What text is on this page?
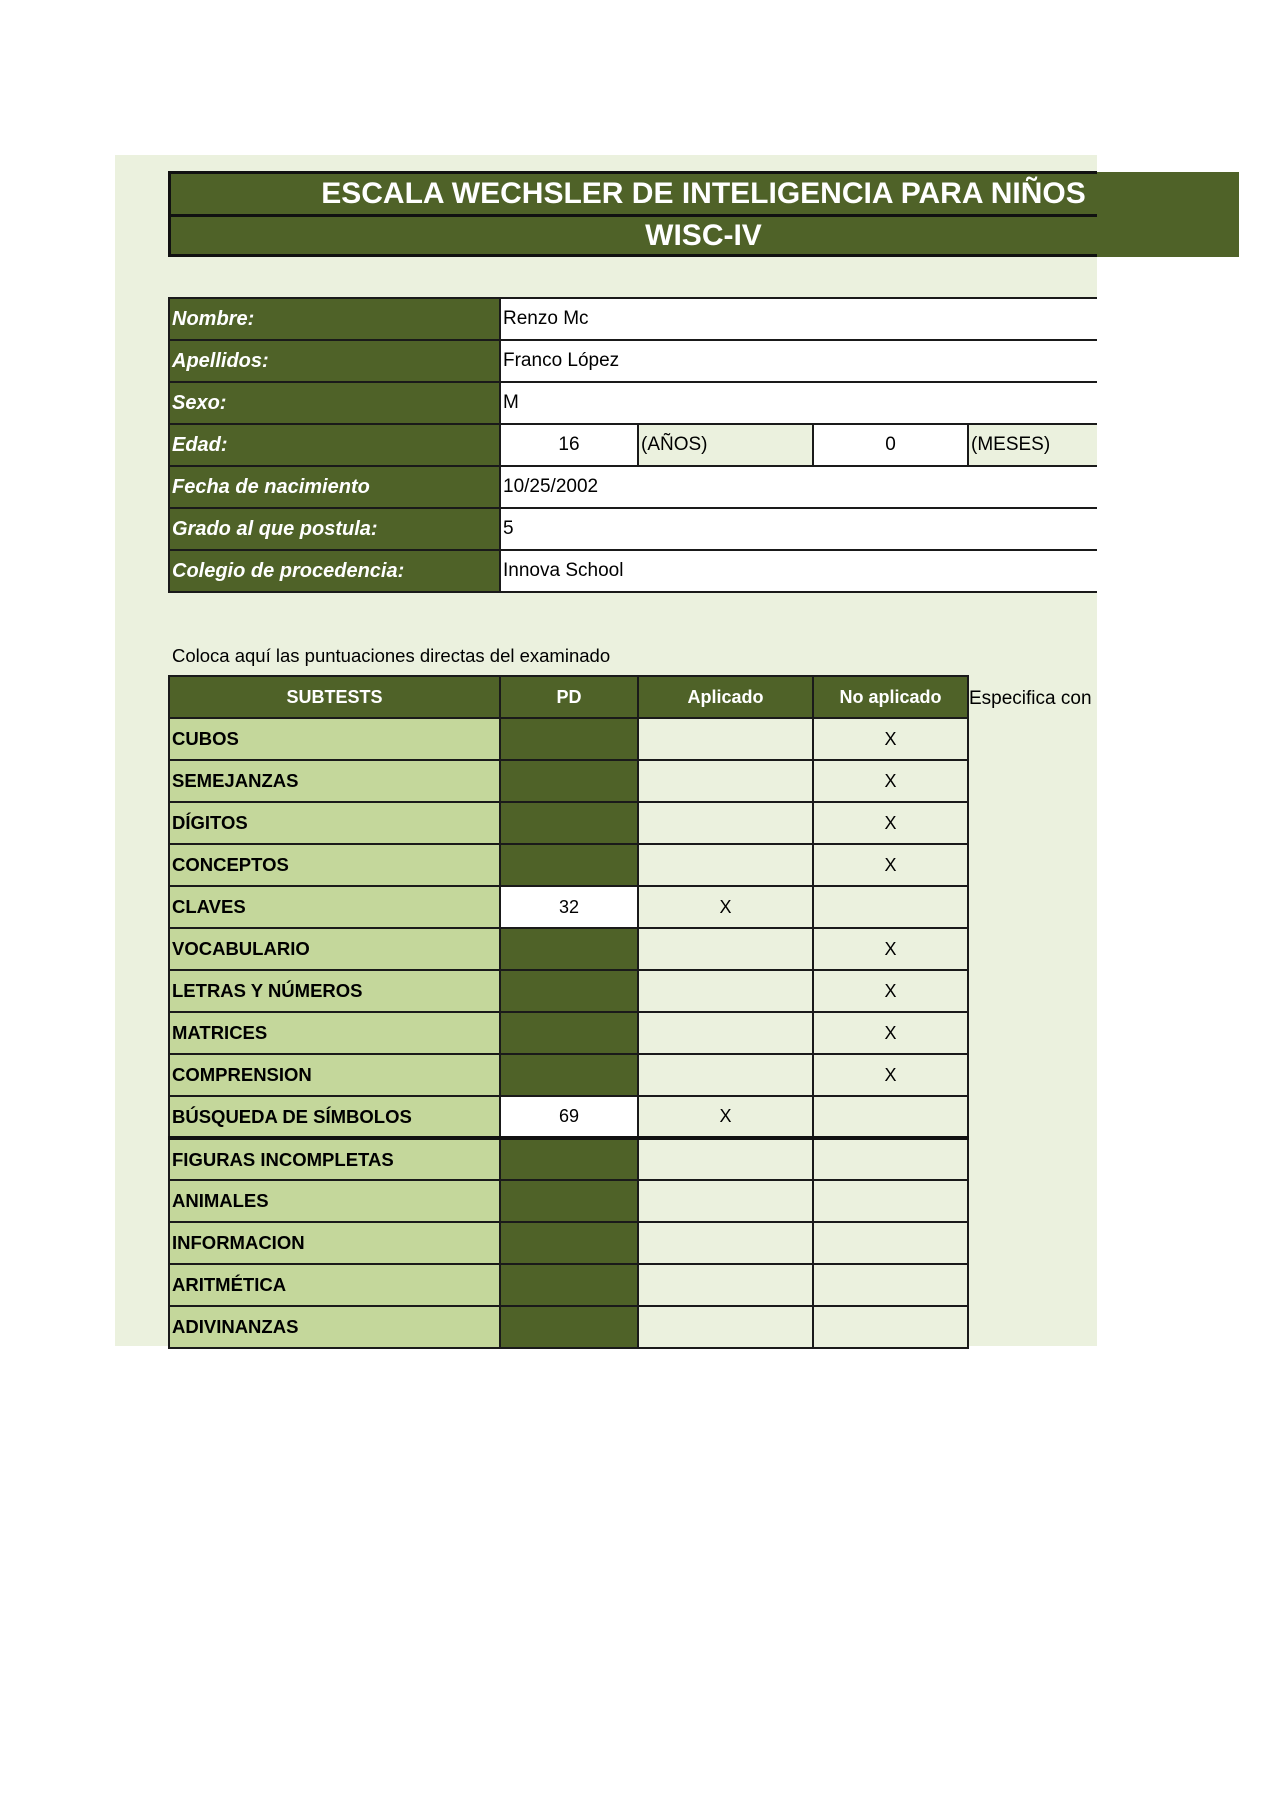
ESCALA WECHSLER DE INTELIGENCIA PARA NIÑOS
WISC-IV
Nombre:	Renzo Mc			
Apellidos:	Franco López			
Sexo:	M			
Edad:	16	(AÑOS)	0	(MESES)
Fecha de nacimiento	10/25/2002			
Grado al que postula:	5			
Colegio de procedencia:	Innova School			
Coloca aquí las puntuaciones directas del examinado
Especifica con
SUBTESTS	PD	Aplicado	No aplicado
CUBOS			X
SEMEJANZAS			X
DÍGITOS			X
CONCEPTOS			X
CLAVES	32	X	
VOCABULARIO			X
LETRAS Y NÚMEROS			X
MATRICES			X
COMPRENSION			X
BÚSQUEDA DE SÍMBOLOS	69	X	
FIGURAS INCOMPLETAS			
ANIMALES			
INFORMACION			
ARITMÉTICA			
ADIVINANZAS			
